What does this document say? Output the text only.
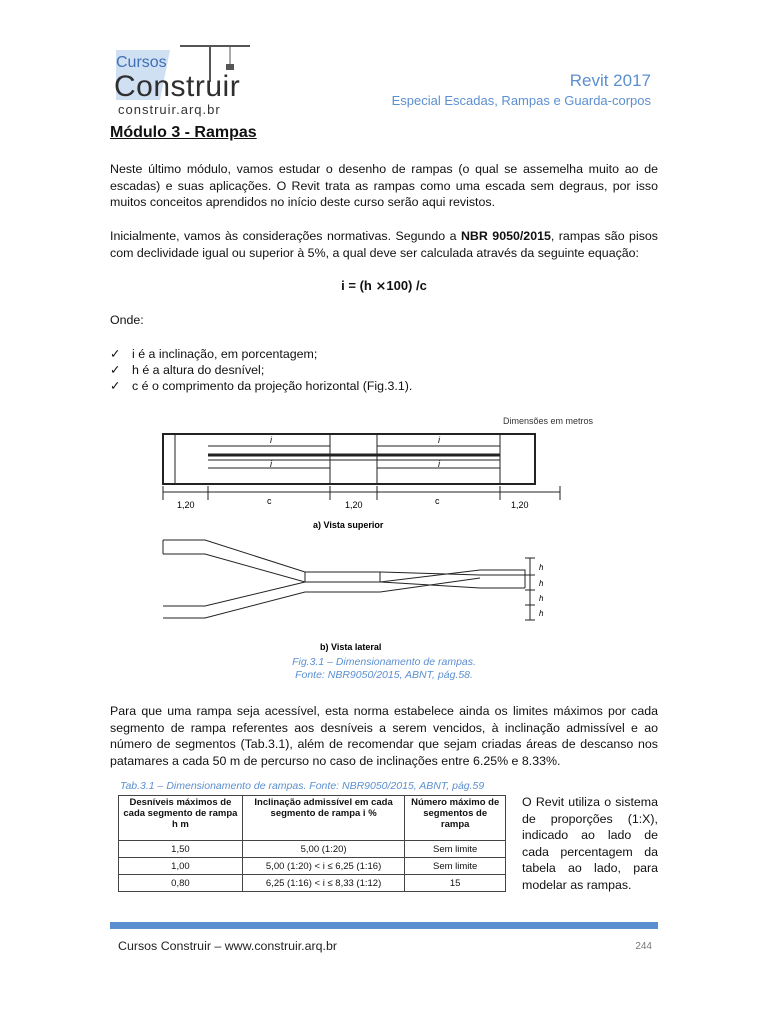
Cursos
Construir
construir.arq.br
Revit 2017
Especial Escadas, Rampas e Guarda-corpos
Módulo 3 - Rampas

Neste último módulo, vamos estudar o desenho de rampas (o qual se assemelha muito ao de escadas) e suas aplicações. O Revit trata as rampas como uma escada sem degraus, por isso muitos conceitos aprendidos no início deste curso serão aqui revistos.

Inicialmente, vamos às considerações normativas. Segundo a NBR 9050/2015, rampas são pisos com declividade igual ou superior à 5%, a qual deve ser calculada através da seguinte equação:

i = (h ⨯100) /c
Onde:
✓ i é a inclinação, em porcentagem;
✓ h é a altura do desnível;
✓ c é o comprimento da projeção horizontal (Fig.3.1).
Dimensões em metros
i	i
i	i
1,20	c	1,20	c	1,20
a) Vista superior
h
h
h
h
b) Vista lateral
Fig.3.1 – Dimensionamento de rampas.
Fonte: NBR9050/2015, ABNT, pág.58.

Para que uma rampa seja acessível, esta norma estabelece ainda os limites máximos por cada segmento de rampa referentes aos desníveis a serem vencidos, à inclinação admissível e ao número de segmentos (Tab.3.1), além de recomendar que sejam criadas áreas de descanso nos patamares a cada 50 m de percurso no caso de inclinações entre 6.25% e 8.33%.

Tab.3.1 – Dimensionamento de rampas. Fonte: NBR9050/2015, ABNT, pág.59
Desníveis máximos de cada segmento de rampa h m	Inclinação admissível em cada segmento de rampa i %	Número máximo de segmentos de rampa
1,50	5,00 (1:20)	Sem limite
1,00	5,00 (1:20) < i ≤ 6,25 (1:16)	Sem limite
0,80	6,25 (1:16) < i ≤ 8,33 (1:12)	15

O Revit utiliza o sistema de proporções (1:X), indicado ao lado de cada percentagem da tabela ao lado, para modelar as rampas.

Cursos Construir – www.construir.arq.br	244
